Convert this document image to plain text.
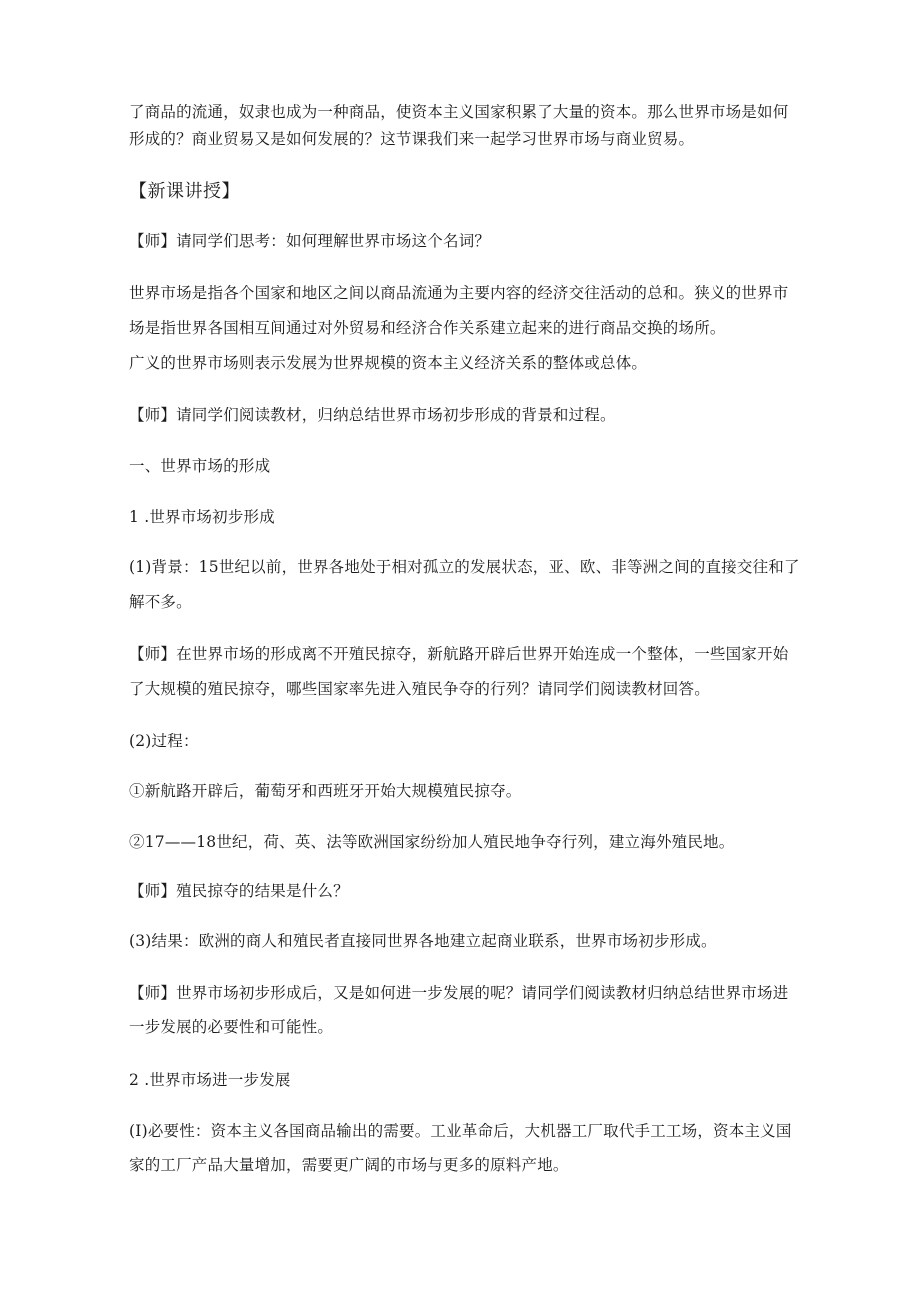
了商品的流通，奴隶也成为一种商品，使资本主义国家积累了大量的资本。那么世界市场是如何
形成的？商业贸易又是如何发展的？这节课我们来一起学习世界市场与商业贸易。
【新课讲授】
【师】请同学们思考：如何理解世界市场这个名词？
世界市场是指各个国家和地区之间以商品流通为主要内容的经济交往活动的总和。狭义的世界市
场是指世界各国相互间通过对外贸易和经济合作关系建立起来的进行商品交换的场所。
广义的世界市场则表示发展为世界规模的资本主义经济关系的整体或总体。
【师】请同学们阅读教材，归纳总结世界市场初步形成的背景和过程。
一、世界市场的形成
1 .世界市场初步形成
(1)背景：15世纪以前，世界各地处于相对孤立的发展状态，亚、欧、非等洲之间的直接交往和了
解不多。
【师】在世界市场的形成离不开殖民掠夺，新航路开辟后世界开始连成一个整体，一些国家开始
了大规模的殖民掠夺，哪些国家率先进入殖民争夺的行列？请同学们阅读教材回答。
(2)过程：
①新航路开辟后，葡萄牙和西班牙开始大规模殖民掠夺。
②17——18世纪，荷、英、法等欧洲国家纷纷加人殖民地争夺行列，建立海外殖民地。
【师】殖民掠夺的结果是什么？
(3)结果：欧洲的商人和殖民者直接同世界各地建立起商业联系，世界市场初步形成。
【师】世界市场初步形成后，又是如何进一步发展的呢？请同学们阅读教材归纳总结世界市场进
一步发展的必要性和可能性。
2 .世界市场进一步发展
(I)必要性：资本主义各国商品输出的需要。工业革命后，大机器工厂取代手工工场，资本主义国
家的工厂产品大量增加，需要更广阔的市场与更多的原料产地。
